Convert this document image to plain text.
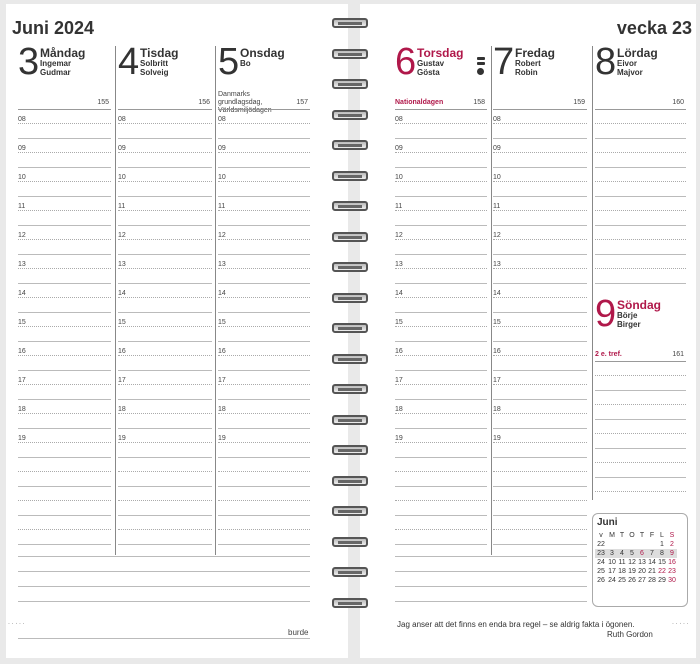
Juni 2024	vecka 23
3 Måndag
Ingemar
Gudmar
155
08
09
10
11
12
13
14
15
16
17
18
19
4 Tisdag
Solbritt
Solveig
156
08
09
10
11
12
13
14
15
16
17
18
19
5 Onsdag
Bo
157
Danmarks grundlagsdag, Världsmiljödagen
08
09
10
11
12
13
14
15
16
17
18
19
6 Torsdag
Gustav
Gösta
158
Nationaldagen
08
09
10
11
12
13
14
15
16
17
18
19
7 Fredag
Robert
Robin
159
08
09
10
11
12
13
14
15
16
17
18
19
8 Lördag
Eivor
Majvor
160
9 Söndag
Börje
Birger
161
2 e. tref.
Juni
v	M	T	O	T	F	L	S
22						1	2
23	3	4	5	6	7	8	9
24	10	11	12	13	14	15	16
25	17	18	19	20	21	22	23
26	24	25	26	27	28	29	30
Jag anser att det finns en enda bra regel – se aldrig fakta i ögonen.
Ruth Gordon
burde
˙˙˙˙˙	˙˙˙˙˙
